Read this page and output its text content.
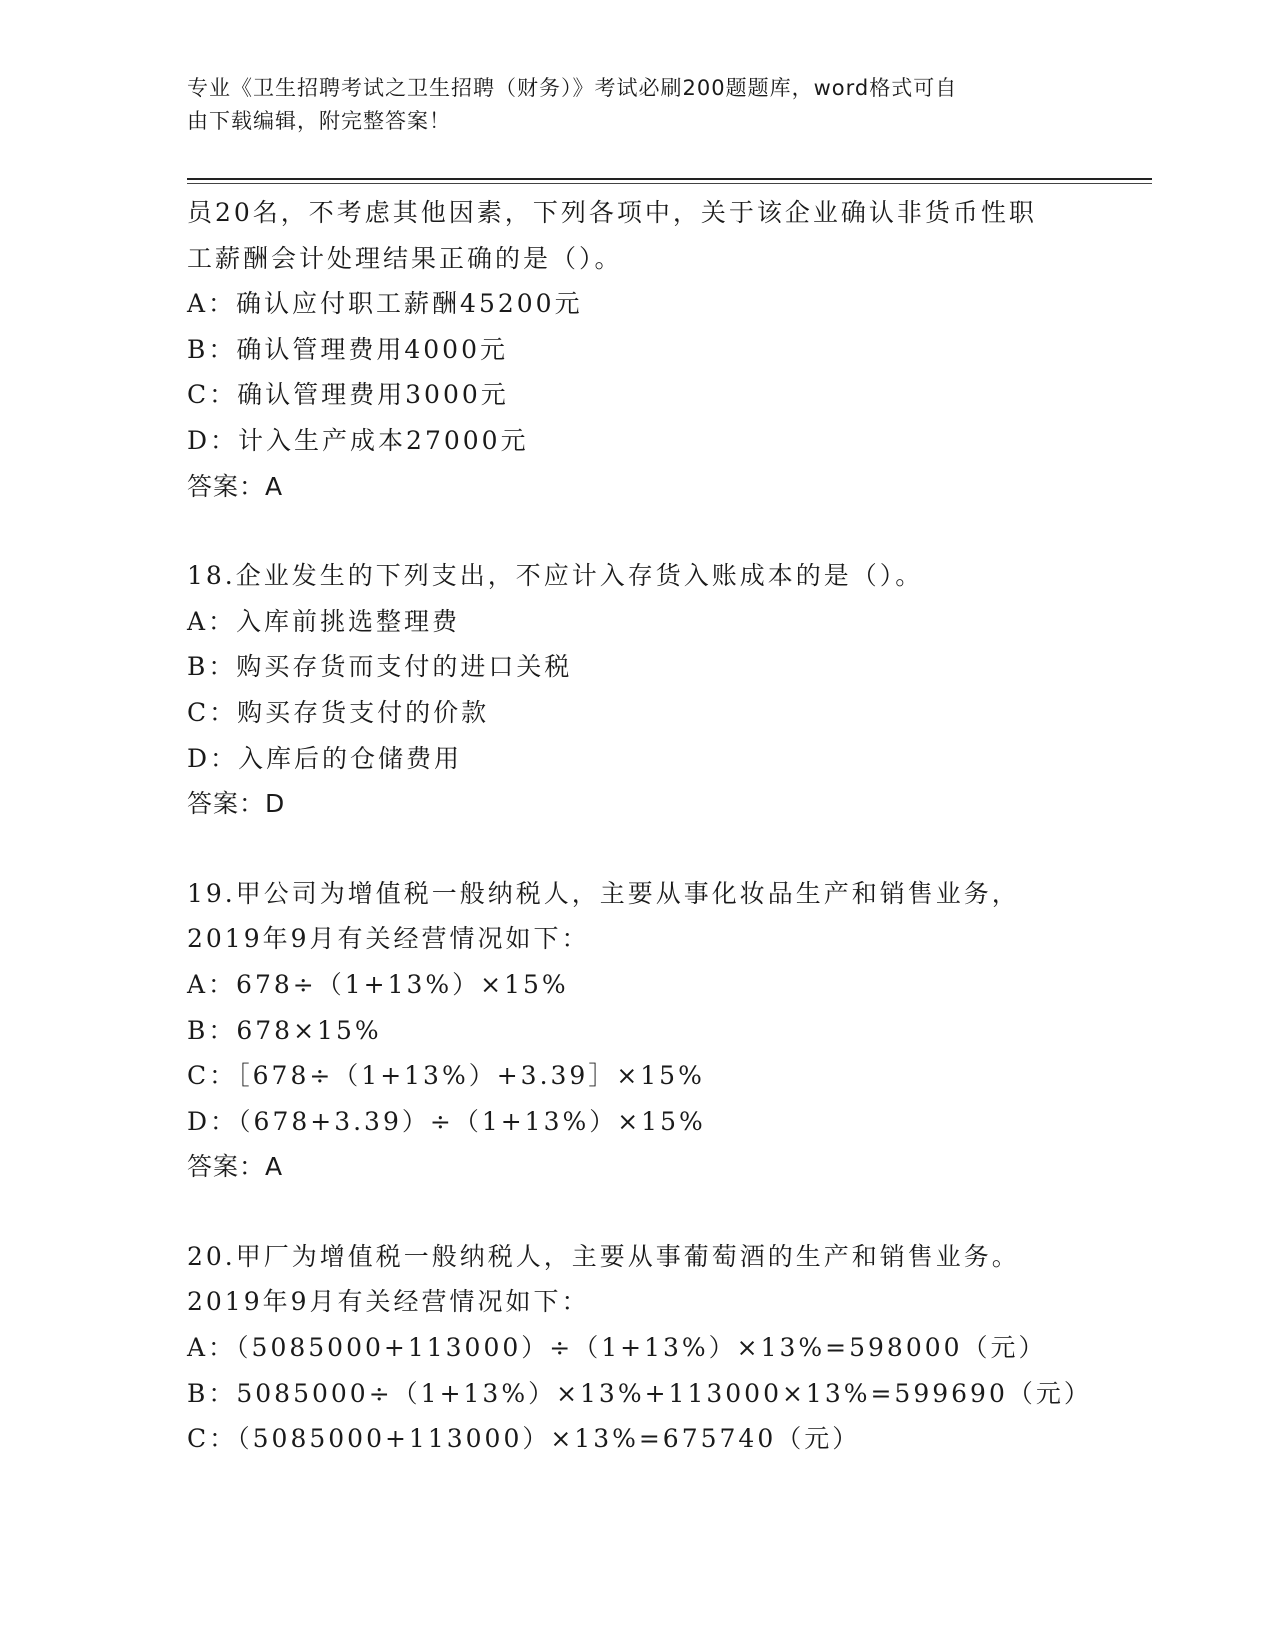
专业《卫生招聘考试之卫生招聘（财务）》考试必刷200题题库，word格式可自
由下载编辑，附完整答案！
员20名，不考虑其他因素，下列各项中，关于该企业确认非货币性职
工薪酬会计处理结果正确的是（）。
A：确认应付职工薪酬45200元
B：确认管理费用4000元
C：确认管理费用3000元
D：计入生产成本27000元
答案：A
18.企业发生的下列支出，不应计入存货入账成本的是（）。
A：入库前挑选整理费
B：购买存货而支付的进口关税
C：购买存货支付的价款
D：入库后的仓储费用
答案：D
19.甲公司为增值税一般纳税人，主要从事化妆品生产和销售业务，
2019年9月有关经营情况如下：
A：678÷（1+13%）×15%
B：678×15%
C：［678÷（1+13%）+3.39］×15%
D：（678+3.39）÷（1+13%）×15%
答案：A
20.甲厂为增值税一般纳税人，主要从事葡萄酒的生产和销售业务。
2019年9月有关经营情况如下：
A：（5085000+113000）÷（1+13%）×13%=598000（元）
B：5085000÷（1+13%）×13%+113000×13%=599690（元）
C：（5085000+113000）×13%=675740（元）
